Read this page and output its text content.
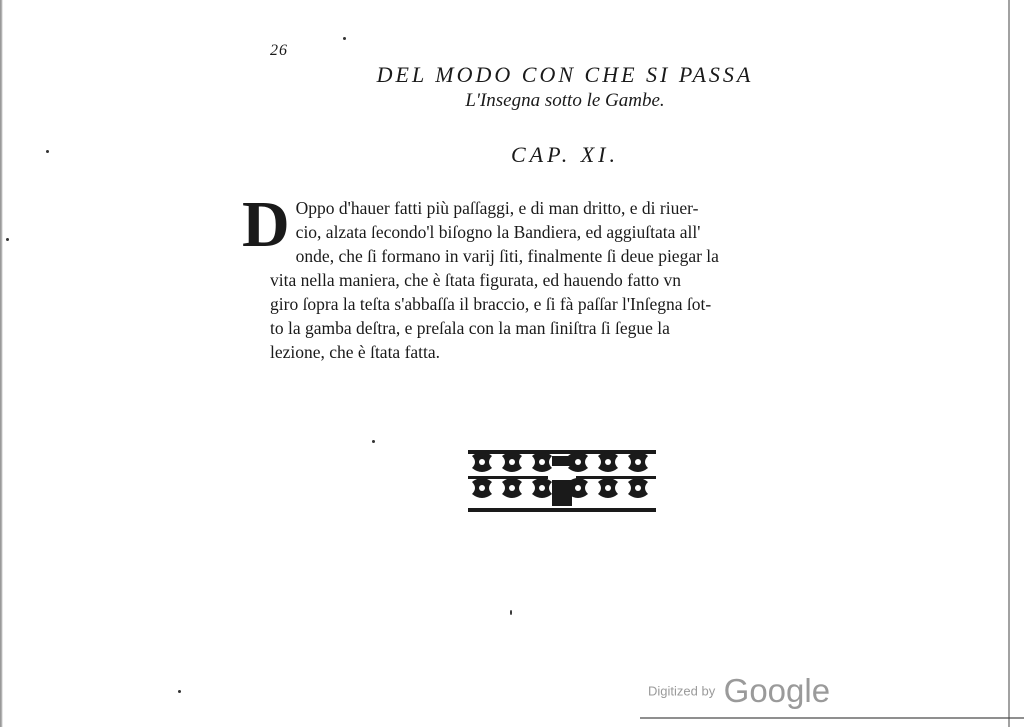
26
DEL MODO CON CHE SI PASSA
L'Insegna sotto le Gambe.
CAP. XI.
D Oppo d'hauer fatti più paſſaggi, e di man dritto, e di riuer-
cio, alzata ſecondo'l biſogno la Bandiera, ed aggiuſtata all'
onde, che ſi formano in varij ſiti, finalmente ſi deue piegar la
vita nella maniera, che è ſtata figurata, ed hauendo fatto vn
giro ſopra la teſta s'abbaſſa il braccio, e ſi fà paſſar l'Inſegna ſot-
to la gamba deſtra, e preſala con la man ſiniſtra ſi ſegue la
lezione, che è ſtata fatta.
Digitized by Google
